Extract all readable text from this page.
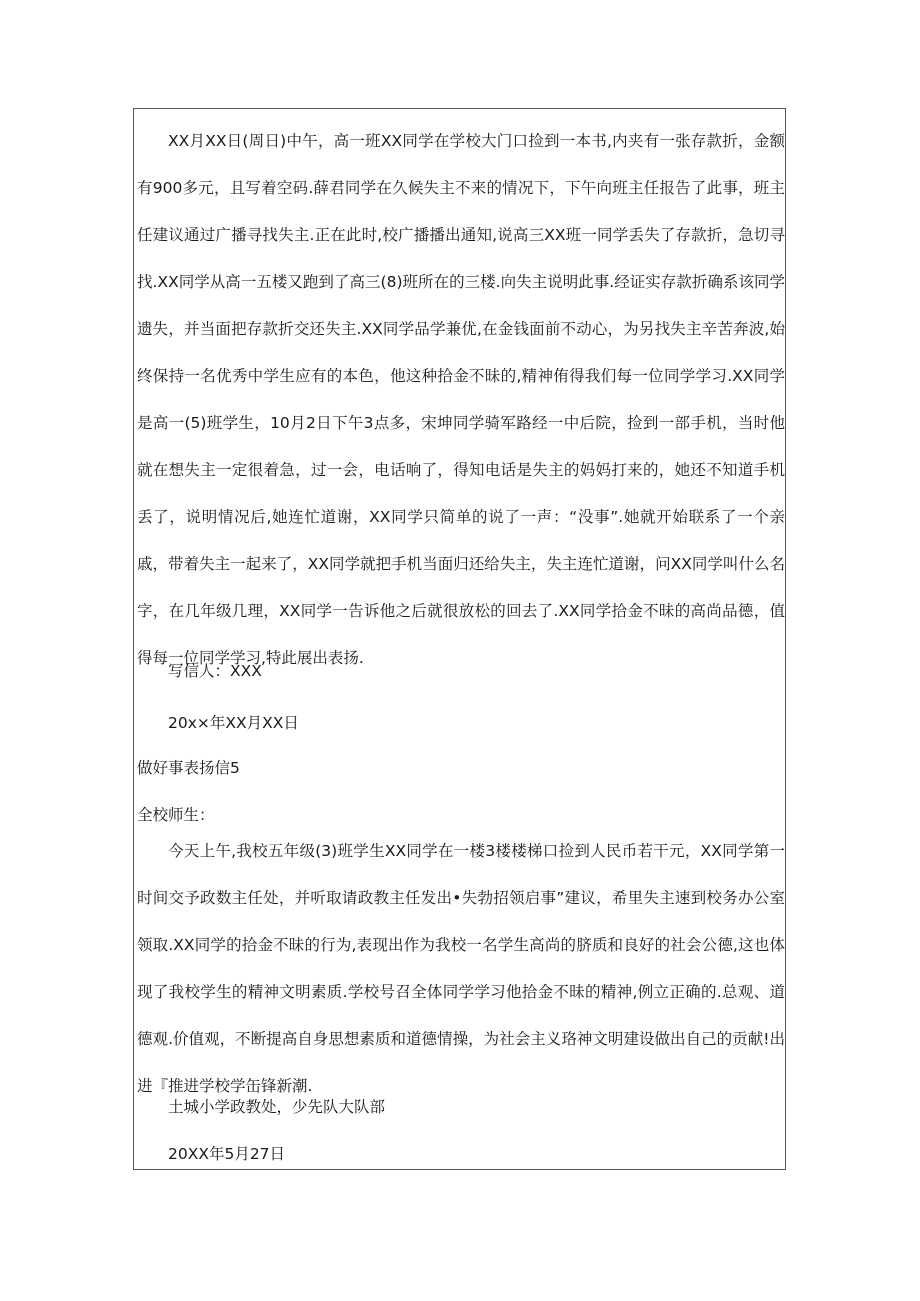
XX月XX日(周日)中午，高一班XX同学在学校大门口捡到一本书,内夹有一张存款折，金额有900多元，且写着空码.薛君同学在久候失主不来的情况下，下午向班主任报告了此事，班主任建议通过广播寻找失主.正在此时,校广播播出通知,说高三XX班一同学丢失了存款折，急切寻找.XX同学从高一五楼又跑到了高三(8)班所在的三楼.向失主说明此事.经证实存款折确系该同学遗失，并当面把存款折交还失主.XX同学品学兼优,在金钱面前不动心，为另找失主辛苦奔波,始终保持一名优秀中学生应有的本色，他这种拾金不昧的,精神侑得我们每一位同学学习.XX同学是高一(5)班学生，10月2日下午3点多，宋坤同学骑军路经一中后院，捡到一部手机，当时他就在想失主一定很着急，过一会，电话响了，得知电话是失主的妈妈打来的，她还不知道手机丢了，说明情况后,她连忙道谢，XX同学只简单的说了一声：“没事”.她就开始联系了一个亲戚，带着失主一起来了，XX同学就把手机当面归还给失主，失主连忙道谢，问XX同学叫什么名字，在几年级几理，XX同学一告诉他之后就很放松的回去了.XX同学拾金不昧的高尚品德，值得每一位同学学习,特此展出表扬.

写信人：XXX

20x×年XX月XX日

做好事表扬信5

全校师生：

今天上午,我校五年级(3)班学生XX同学在一楼3楼楼梯口捡到人民币若干元，XX同学第一时间交予政数主任处，并听取请政教主任发出•失勃招领启事”建议，希里失主速到校务办公室领取.XX同学的拾金不昧的行为,表现出作为我校一名学生高尚的脐质和良好的社会公德,这也体现了我校学生的精神文明素质.学校号召全体同学学习他拾金不昧的精神,例立正确的.总观、道德观.价值观，不断提高自身思想素质和道德情操，为社会主义珞神文明建设做出自己的贡献!出进『推进学校学缶锋新潮.

土城小学政教处，少先队大队部

20XX年5月27日
